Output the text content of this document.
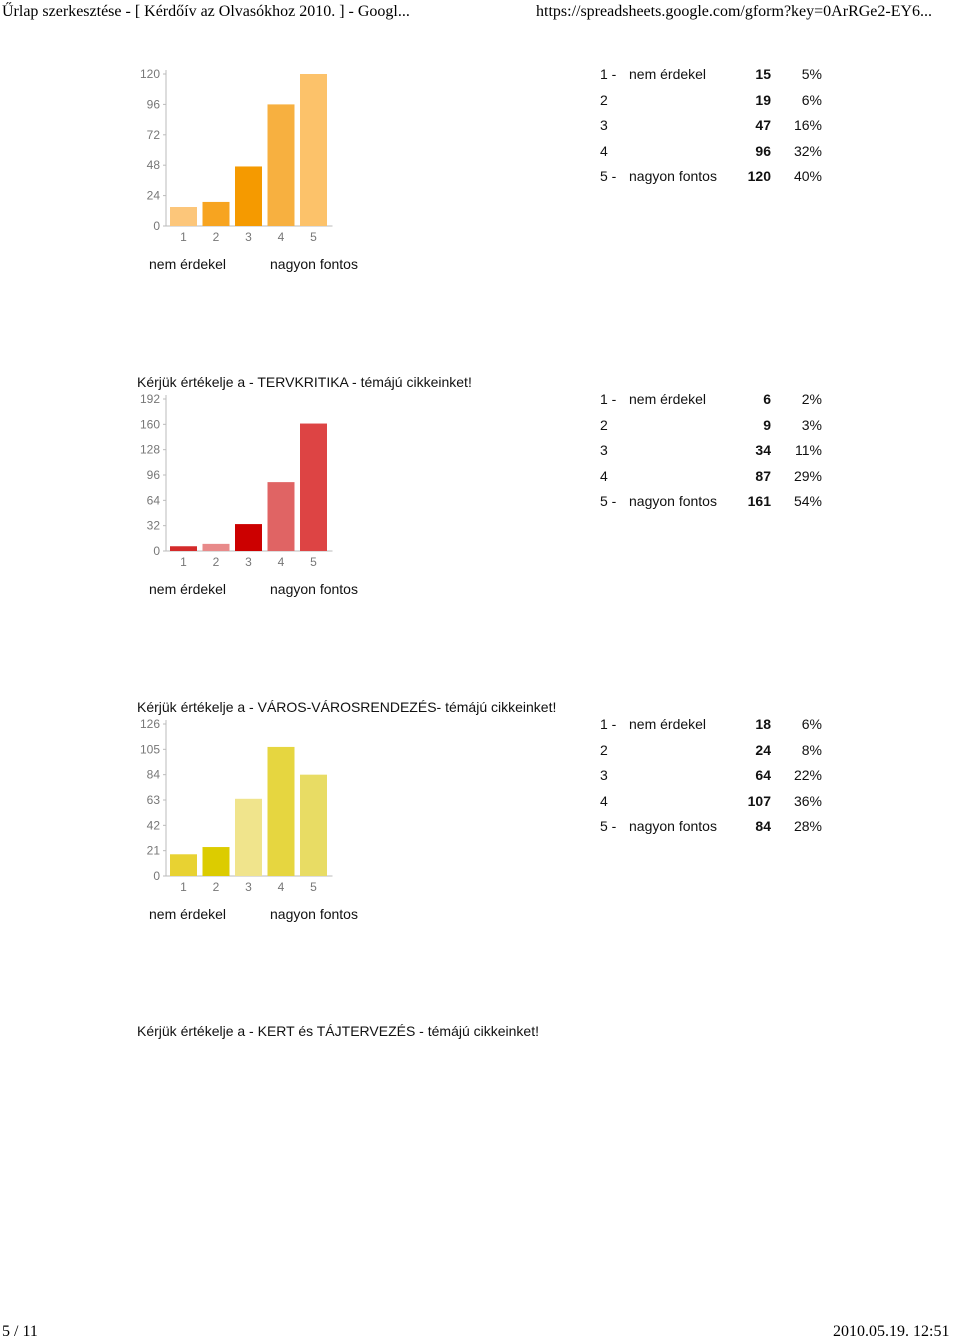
Űrlap szerkesztése - [ Kérdőív az Olvasókhoz 2010. ] - Googl...	https://spreadsheets.google.com/gform?key=0ArRGe2-EY6...
0
24
48
72
96
120
1 2 3 4 5
nem érdekel	nagyon fontos
1 - nem érdekel	15 5%
2	19 6%
3	47 16%
4	96 32%
5 - nagyon fontos 120 40%
Kérjük értékelje a - TERVKRITIKA - témájú cikkeinket!
0
32
64
96
128
160
192
1 2 3 4 5
nem érdekel	nagyon fontos
1 - nem érdekel	6 2%
2	9 3%
3	34 11%
4	87 29%
5 - nagyon fontos 161 54%
Kérjük értékelje a - VÁROS-VÁROSRENDEZÉS- témájú cikkeinket!
0
21
42
63
84
105
126
1 2 3 4 5
nem érdekel	nagyon fontos
1 - nem érdekel	18 6%
2	24 8%
3	64 22%
4	107 36%
5 - nagyon fontos	84 28%
Kérjük értékelje a - KERT és TÁJTERVEZÉS - témájú cikkeinket!
5 / 11	2010.05.19. 12:51
